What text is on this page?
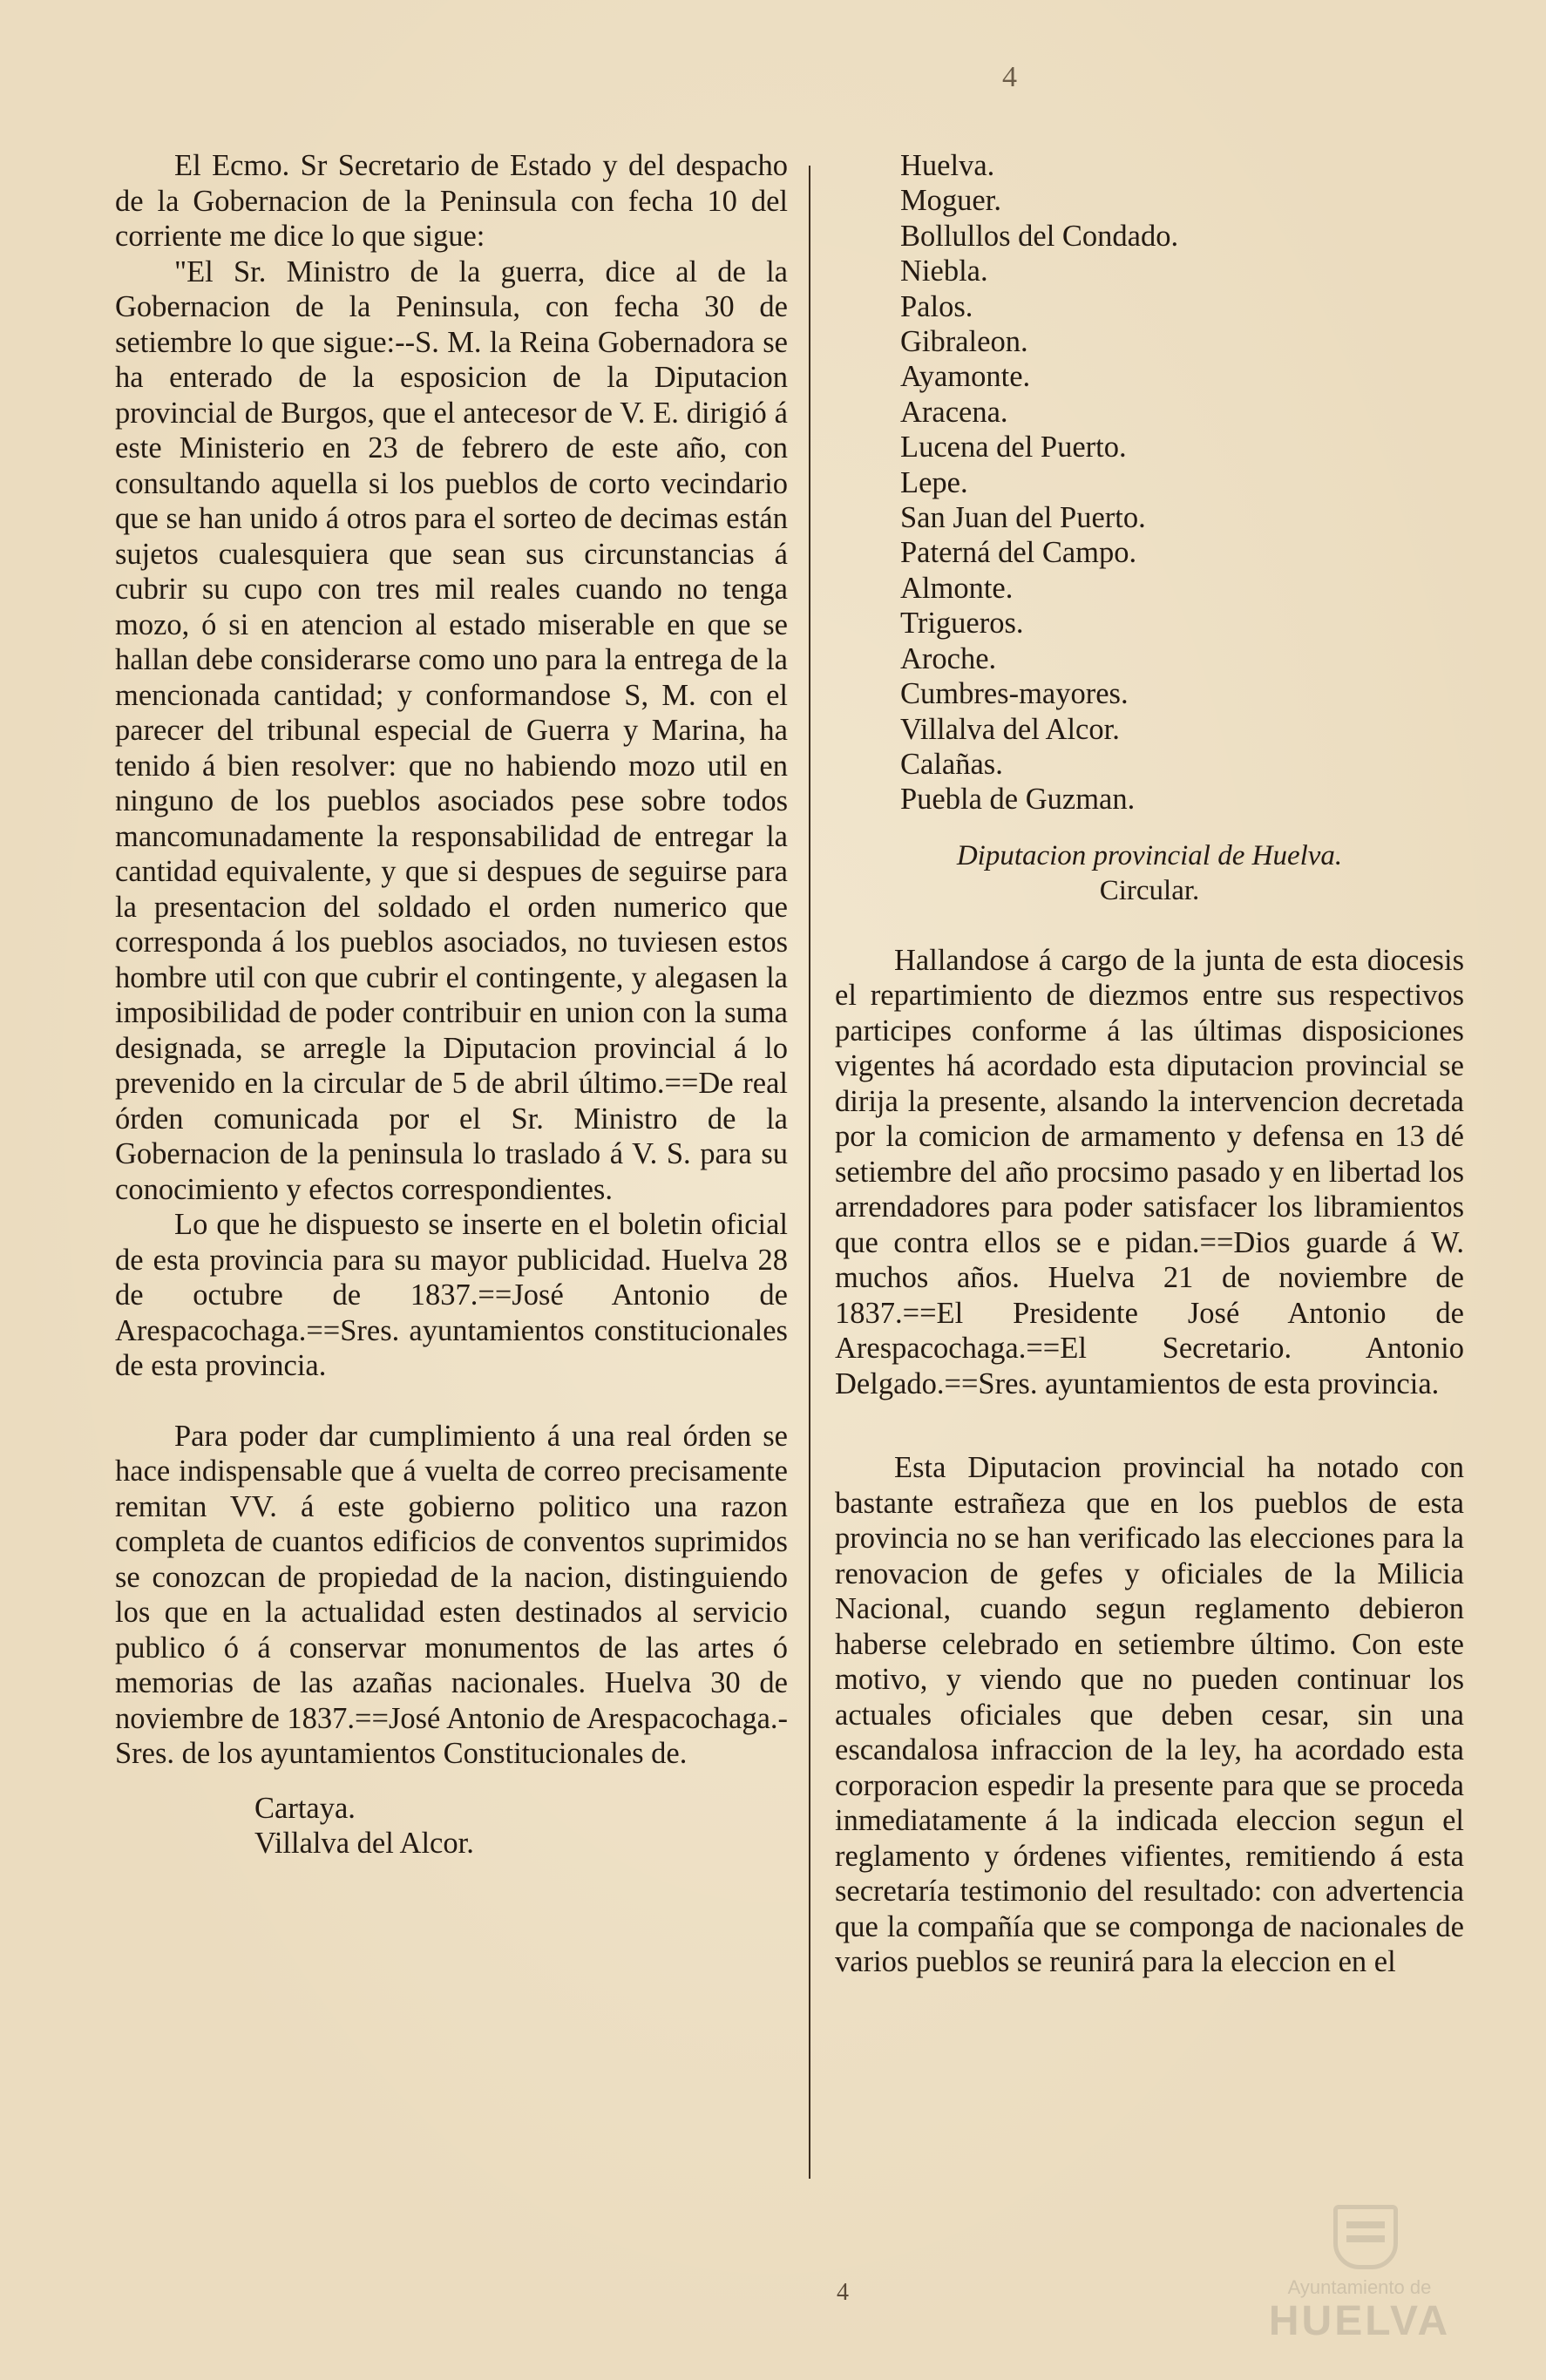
4

El Ecmo. Sr Secretario de Estado y del despacho de la Gobernacion de la Peninsula con fecha 10 del corriente me dice lo que sigue:

"El Sr. Ministro de la guerra, dice al de la Gobernacion de la Peninsula, con fecha 30 de setiembre lo que sigue:--S. M. la Reina Gobernadora se ha enterado de la esposicion de la Diputacion provincial de Burgos, que el antecesor de V. E. dirigió á este Ministerio en 23 de febrero de este año, con consultando aquella si los pueblos de corto vecindario que se han unido á otros para el sorteo de decimas están sujetos cualesquiera que sean sus circunstancias á cubrir su cupo con tres mil reales cuando no tenga mozo, ó si en atencion al estado miserable en que se hallan debe considerarse como uno para la entrega de la mencionada cantidad; y conformandose S, M. con el parecer del tribunal especial de Guerra y Marina, ha tenido á bien resolver: que no habiendo mozo util en ninguno de los pueblos asociados pese sobre todos mancomunadamente la responsabilidad de entregar la cantidad equivalente, y que si despues de seguirse para la presentacion del soldado el orden numerico que corresponda á los pueblos asociados, no tuviesen estos hombre util con que cubrir el contingente, y alegasen la imposibilidad de poder contribuir en union con la suma designada, se arregle la Diputacion provincial á lo prevenido en la circular de 5 de abril último.==De real órden comunicada por el Sr. Ministro de la Gobernacion de la peninsula lo traslado á V. S. para su conocimiento y efectos correspondientes.

Lo que he dispuesto se inserte en el boletin oficial de esta provincia para su mayor publicidad. Huelva 28 de octubre de 1837.==José Antonio de Arespacochaga.==Sres. ayuntamientos constitucionales de esta provincia.

Para poder dar cumplimiento á una real órden se hace indispensable que á vuelta de correo precisamente remitan VV. á este gobierno politico una razon completa de cuantos edificios de conventos suprimidos se conozcan de propiedad de la nacion, distinguiendo los que en la actualidad esten destinados al servicio publico ó á conservar monumentos de las artes ó memorias de las azañas nacionales. Huelva 30 de noviembre de 1837.==José Antonio de Arespacochaga.-Sres. de los ayuntamientos Constitucionales de.

Cartaya.
Villalva del Alcor.
Huelva.
Moguer.
Bollullos del Condado.
Niebla.
Palos.
Gibraleon.
Ayamonte.
Aracena.
Lucena del Puerto.
Lepe.
San Juan del Puerto.
Paterná del Campo.
Almonte.
Trigueros.
Aroche.
Cumbres-mayores.
Villalva del Alcor.
Calañas.
Puebla de Guzman.
Diputacion provincial de Huelva.
Circular.

Hallandose á cargo de la junta de esta diocesis el repartimiento de diezmos entre sus respectivos participes conforme á las últimas disposiciones vigentes há acordado esta diputacion provincial se dirija la presente, alsando la intervencion decretada por la comicion de armamento y defensa en 13 dé setiembre del año procsimo pasado y en libertad los arrendadores para poder satisfacer los libramientos que contra ellos se e pidan.==Dios guarde á W. muchos años. Huelva 21 de noviembre de 1837.==El Presidente José Antonio de Arespacochaga.==El Secretario. Antonio Delgado.==Sres. ayuntamientos de esta provincia.

Esta Diputacion provincial ha notado con bastante estrañeza que en los pueblos de esta provincia no se han verificado las elecciones para la renovacion de gefes y oficiales de la Milicia Nacional, cuando segun reglamento debieron haberse celebrado en setiembre último. Con este motivo, y viendo que no pueden continuar los actuales oficiales que deben cesar, sin una escandalosa infraccion de la ley, ha acordado esta corporacion espedir la presente para que se proceda inmediatamente á la indicada eleccion segun el reglamento y órdenes vifientes, remitiendo á esta secretaría testimonio del resultado: con advertencia que la compañía que se componga de nacionales de varios pueblos se reunirá para la eleccion en el

4	Ayuntamiento de
HUELVA
